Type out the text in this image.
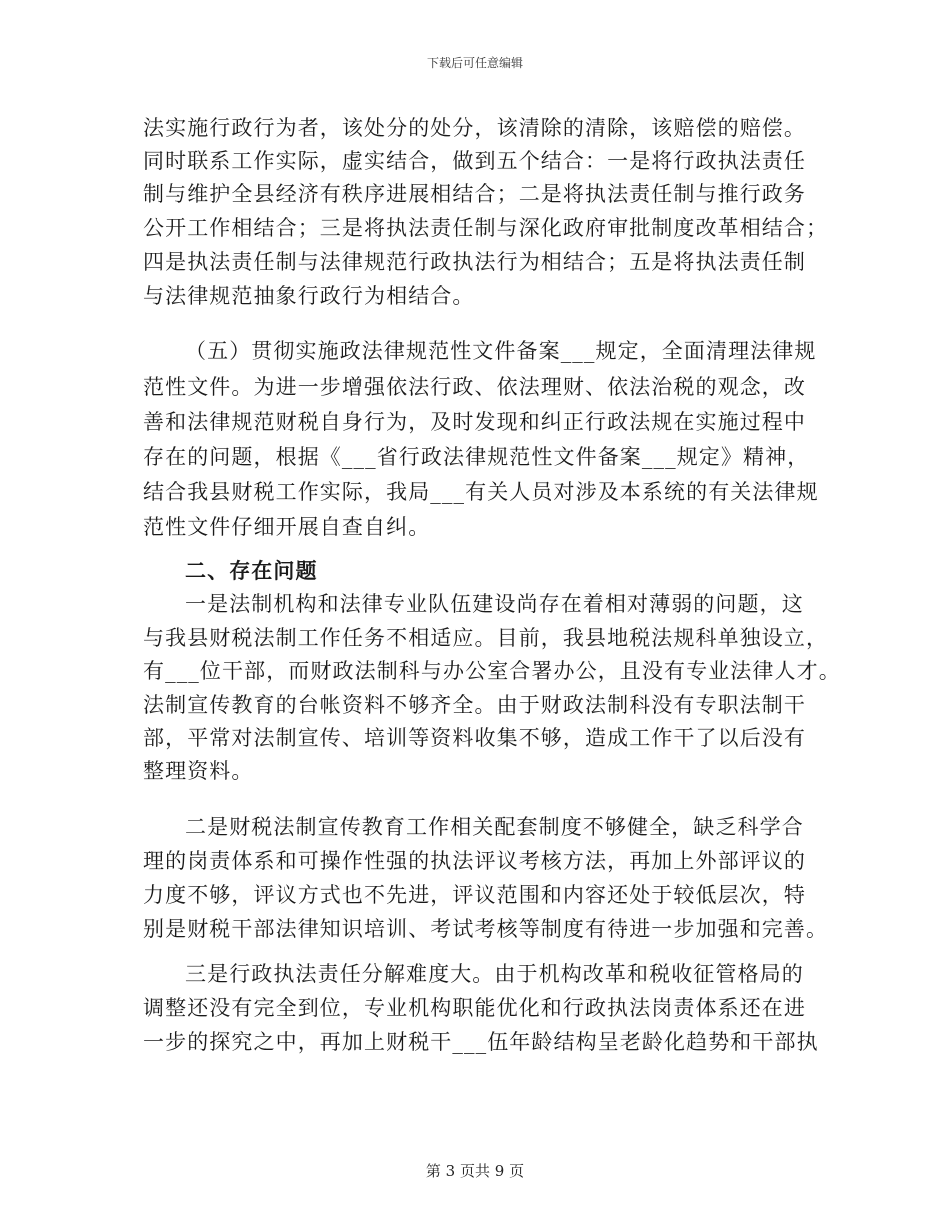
下载后可任意编辑
法实施行政行为者，该处分的处分，该清除的清除，该赔偿的赔偿。
同时联系工作实际，虚实结合，做到五个结合：一是将行政执法责任
制与维护全县经济有秩序进展相结合；二是将执法责任制与推行政务
公开工作相结合；三是将执法责任制与深化政府审批制度改革相结合；
四是执法责任制与法律规范行政执法行为相结合；五是将执法责任制
与法律规范抽象行政行为相结合。
（五）贯彻实施政法律规范性文件备案___规定，全面清理法律规
范性文件。为进一步增强依法行政、依法理财、依法治税的观念，改
善和法律规范财税自身行为，及时发现和纠正行政法规在实施过程中
存在的问题，根据《___省行政法律规范性文件备案___规定》精神，
结合我县财税工作实际，我局___有关人员对涉及本系统的有关法律规
范性文件仔细开展自查自纠。
二、存在问题
一是法制机构和法律专业队伍建设尚存在着相对薄弱的问题，这
与我县财税法制工作任务不相适应。目前，我县地税法规科单独设立，
有___位干部，而财政法制科与办公室合署办公，且没有专业法律人才。
法制宣传教育的台帐资料不够齐全。由于财政法制科没有专职法制干
部，平常对法制宣传、培训等资料收集不够，造成工作干了以后没有
整理资料。
二是财税法制宣传教育工作相关配套制度不够健全，缺乏科学合
理的岗责体系和可操作性强的执法评议考核方法，再加上外部评议的
力度不够，评议方式也不先进，评议范围和内容还处于较低层次，特
别是财税干部法律知识培训、考试考核等制度有待进一步加强和完善。
三是行政执法责任分解难度大。由于机构改革和税收征管格局的
调整还没有完全到位，专业机构职能优化和行政执法岗责体系还在进
一步的探究之中，再加上财税干___伍年龄结构呈老龄化趋势和干部执
第 3 页共 9 页
